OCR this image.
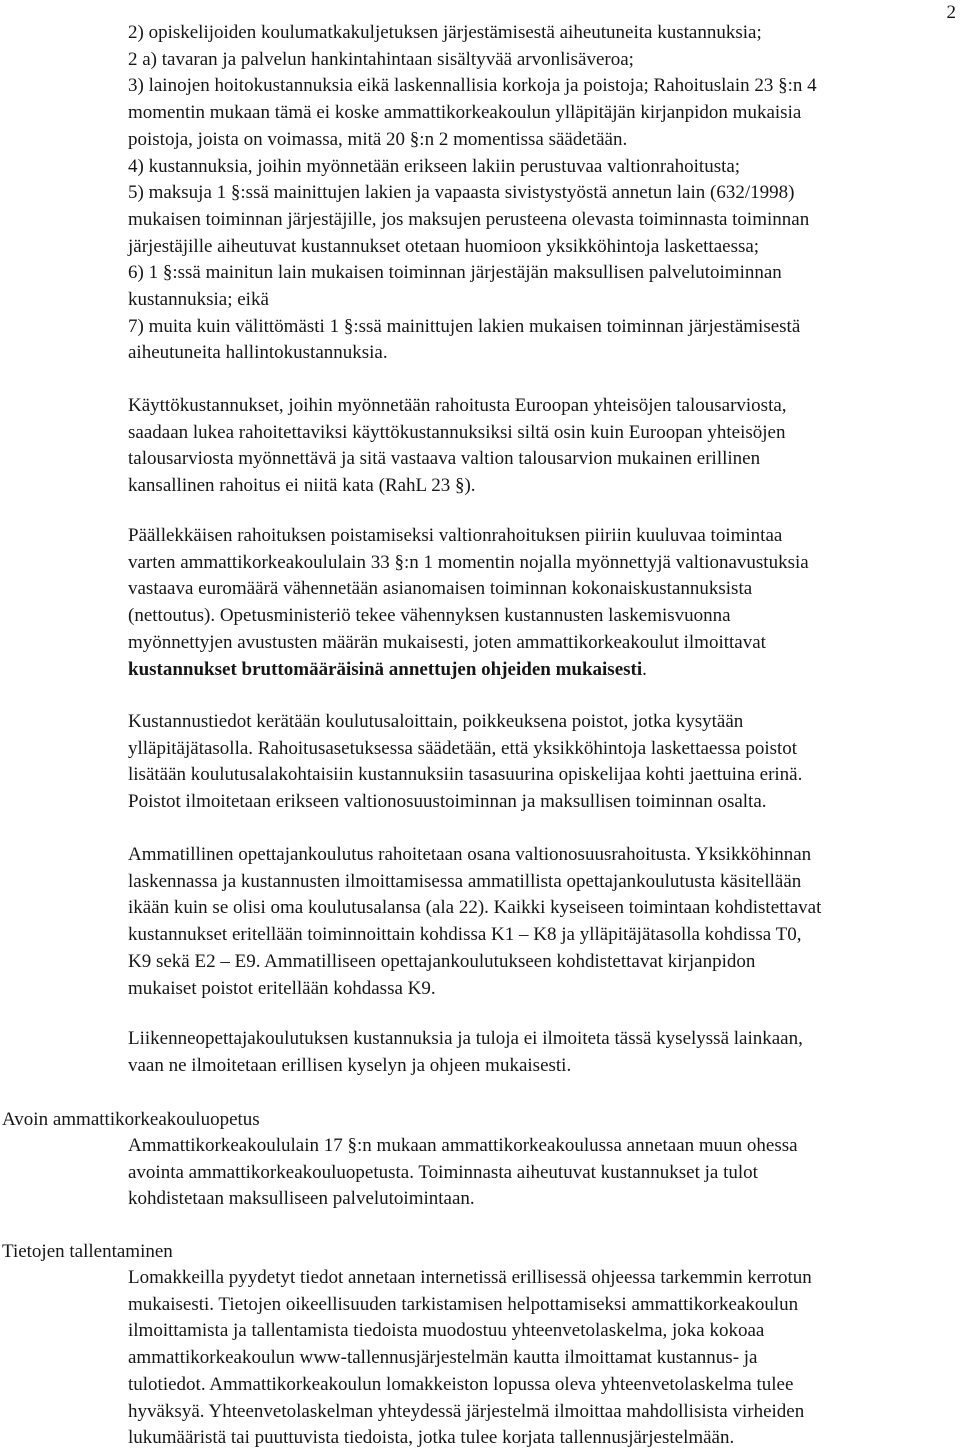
2
2) opiskelijoiden koulumatkakuljetuksen järjestämisestä aiheutuneita kustannuksia;
2 a) tavaran ja palvelun hankintahintaan sisältyvää arvonlisäveroa;
3) lainojen hoitokustannuksia eikä laskennallisia korkoja ja poistoja; Rahoituslain 23 §:n 4
momentin mukaan tämä ei koske ammattikorkeakoulun ylläpitäjän kirjanpidon mukaisia
poistoja, joista on voimassa, mitä 20 §:n 2 momentissa säädetään.
4) kustannuksia, joihin myönnetään erikseen lakiin perustuvaa valtionrahoitusta;
5) maksuja 1 §:ssä mainittujen lakien ja vapaasta sivistystyöstä annetun lain (632/1998)
mukaisen toiminnan järjestäjille, jos maksujen perusteena olevasta toiminnasta toiminnan
järjestäjille aiheutuvat kustannukset otetaan huomioon yksikköhintoja laskettaessa;
6) 1 §:ssä mainitun lain mukaisen toiminnan järjestäjän maksullisen palvelutoiminnan
kustannuksia; eikä
7) muita kuin välittömästi 1 §:ssä mainittujen lakien mukaisen toiminnan järjestämisestä
aiheutuneita hallintokustannuksia.
Käyttökustannukset, joihin myönnetään rahoitusta Euroopan yhteisöjen talousarviosta,
saadaan lukea rahoitettaviksi käyttökustannuksiksi siltä osin kuin Euroopan yhteisöjen
talousarviosta myönnettävä ja sitä vastaava valtion talousarvion mukainen erillinen
kansallinen rahoitus ei niitä kata (RahL 23 §).
Päällekkäisen rahoituksen poistamiseksi valtionrahoituksen piiriin kuuluvaa toimintaa
varten ammattikorkeakoululain 33 §:n 1 momentin nojalla myönnettyjä valtionavustuksia
vastaava euromäärä vähennetään asianomaisen toiminnan kokonaiskustannuksista
(nettoutus). Opetusministeriö tekee vähennyksen kustannusten laskemisvuonna
myönnettyjen avustusten määrän mukaisesti, joten ammattikorkeakoulut ilmoittavat
kustannukset bruttomääräisinä annettujen ohjeiden mukaisesti.
Kustannustiedot kerätään koulutusaloittain, poikkeuksena poistot, jotka kysytään
ylläpitäjätasolla. Rahoitusasetuksessa säädetään, että yksikköhintoja laskettaessa poistot
lisätään koulutusalakohtaisiin kustannuksiin tasasuurina opiskelijaa kohti jaettuina erinä.
Poistot ilmoitetaan erikseen valtionosuustoiminnan ja maksullisen toiminnan osalta.
Ammatillinen opettajankoulutus rahoitetaan osana valtionosuusrahoitusta. Yksikköhinnan
laskennassa ja kustannusten ilmoittamisessa ammatillista opettajankoulutusta käsitellään
ikään kuin se olisi oma koulutusalansa (ala 22). Kaikki kyseiseen toimintaan kohdistettavat
kustannukset eritellään toiminnoittain kohdissa K1 – K8 ja ylläpitäjätasolla kohdissa T0,
K9 sekä E2 – E9. Ammatilliseen opettajankoulutukseen kohdistettavat kirjanpidon
mukaiset poistot eritellään kohdassa K9.
Liikenneopettajakoulutuksen kustannuksia ja tuloja ei ilmoiteta tässä kyselyssä lainkaan,
vaan ne ilmoitetaan erillisen kyselyn ja ohjeen mukaisesti.
Avoin ammattikorkeakouluopetus
Ammattikorkeakoululain 17 §:n mukaan ammattikorkeakoulussa annetaan muun ohessa
avointa ammattikorkeakouluopetusta. Toiminnasta aiheutuvat kustannukset ja tulot
kohdistetaan maksulliseen palvelutoimintaan.
Tietojen tallentaminen
Lomakkeilla pyydetyt tiedot annetaan internetissä erillisessä ohjeessa tarkemmin kerrotun
mukaisesti. Tietojen oikeellisuuden tarkistamisen helpottamiseksi ammattikorkeakoulun
ilmoittamista ja tallentamista tiedoista muodostuu yhteenvetolaskelma, joka kokoaa
ammattikorkeakoulun www-tallennusjärjestelmän kautta ilmoittamat kustannus- ja
tulotiedot. Ammattikorkeakoulun lomakkeiston lopussa oleva yhteenvetolaskelma tulee
hyväksyä. Yhteenvetolaskelman yhteydessä järjestelmä ilmoittaa mahdollisista virheiden
lukumääristä tai puuttuvista tiedoista, jotka tulee korjata tallennusjärjestelmään.
